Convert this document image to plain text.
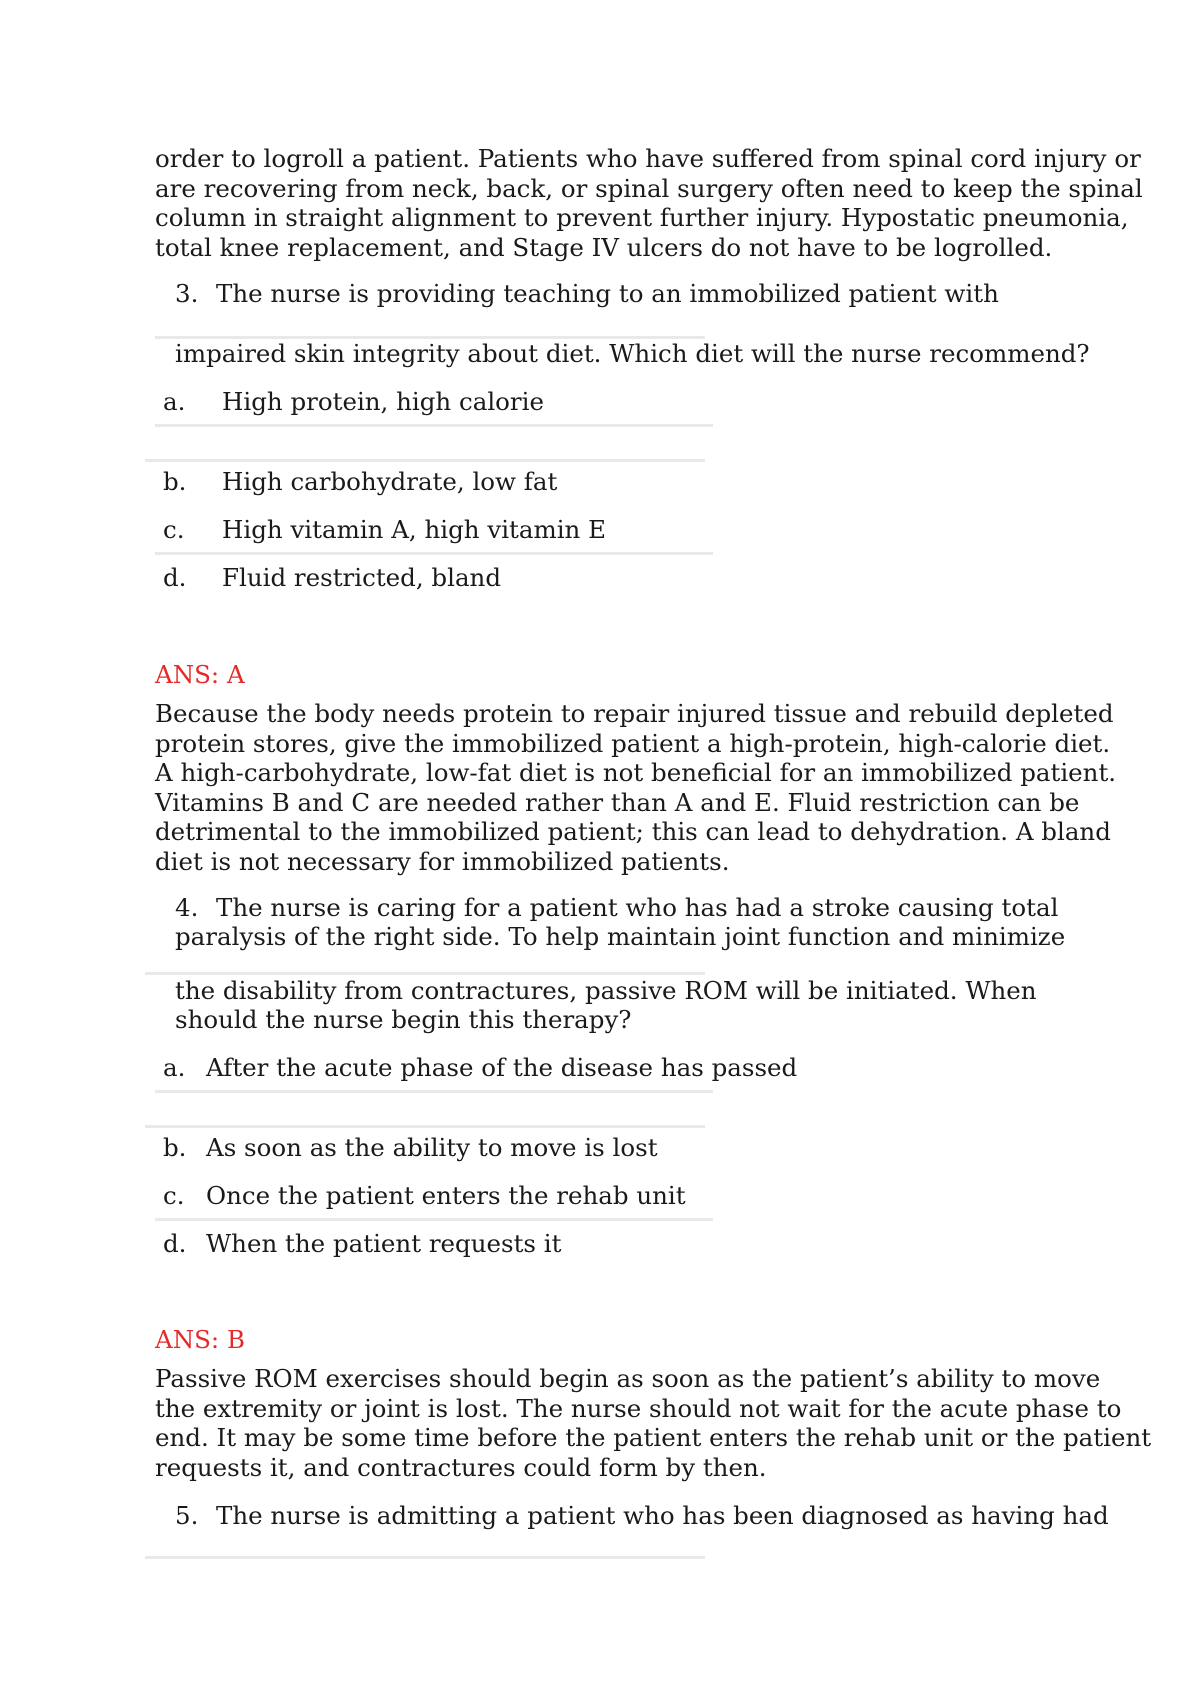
order to logroll a patient. Patients who have suffered from spinal cord injury or
are recovering from neck, back, or spinal surgery often need to keep the spinal
column in straight alignment to prevent further injury. Hypostatic pneumonia,
total knee replacement, and Stage IV ulcers do not have to be logrolled.
3. The nurse is providing teaching to an immobilized patient with
impaired skin integrity about diet. Which diet will the nurse recommend?
a. High protein, high calorie
b. High carbohydrate, low fat
c. High vitamin A, high vitamin E
d. Fluid restricted, bland
ANS: A
Because the body needs protein to repair injured tissue and rebuild depleted
protein stores, give the immobilized patient a high-protein, high-calorie diet.
A high-carbohydrate, low-fat diet is not beneficial for an immobilized patient.
Vitamins B and C are needed rather than A and E. Fluid restriction can be
detrimental to the immobilized patient; this can lead to dehydration. A bland
diet is not necessary for immobilized patients.
4. The nurse is caring for a patient who has had a stroke causing total
paralysis of the right side. To help maintain joint function and minimize
the disability from contractures, passive ROM will be initiated. When
should the nurse begin this therapy?
a. After the acute phase of the disease has passed
b. As soon as the ability to move is lost
c. Once the patient enters the rehab unit
d. When the patient requests it
ANS: B
Passive ROM exercises should begin as soon as the patient’s ability to move
the extremity or joint is lost. The nurse should not wait for the acute phase to
end. It may be some time before the patient enters the rehab unit or the patient
requests it, and contractures could form by then.
5. The nurse is admitting a patient who has been diagnosed as having had
